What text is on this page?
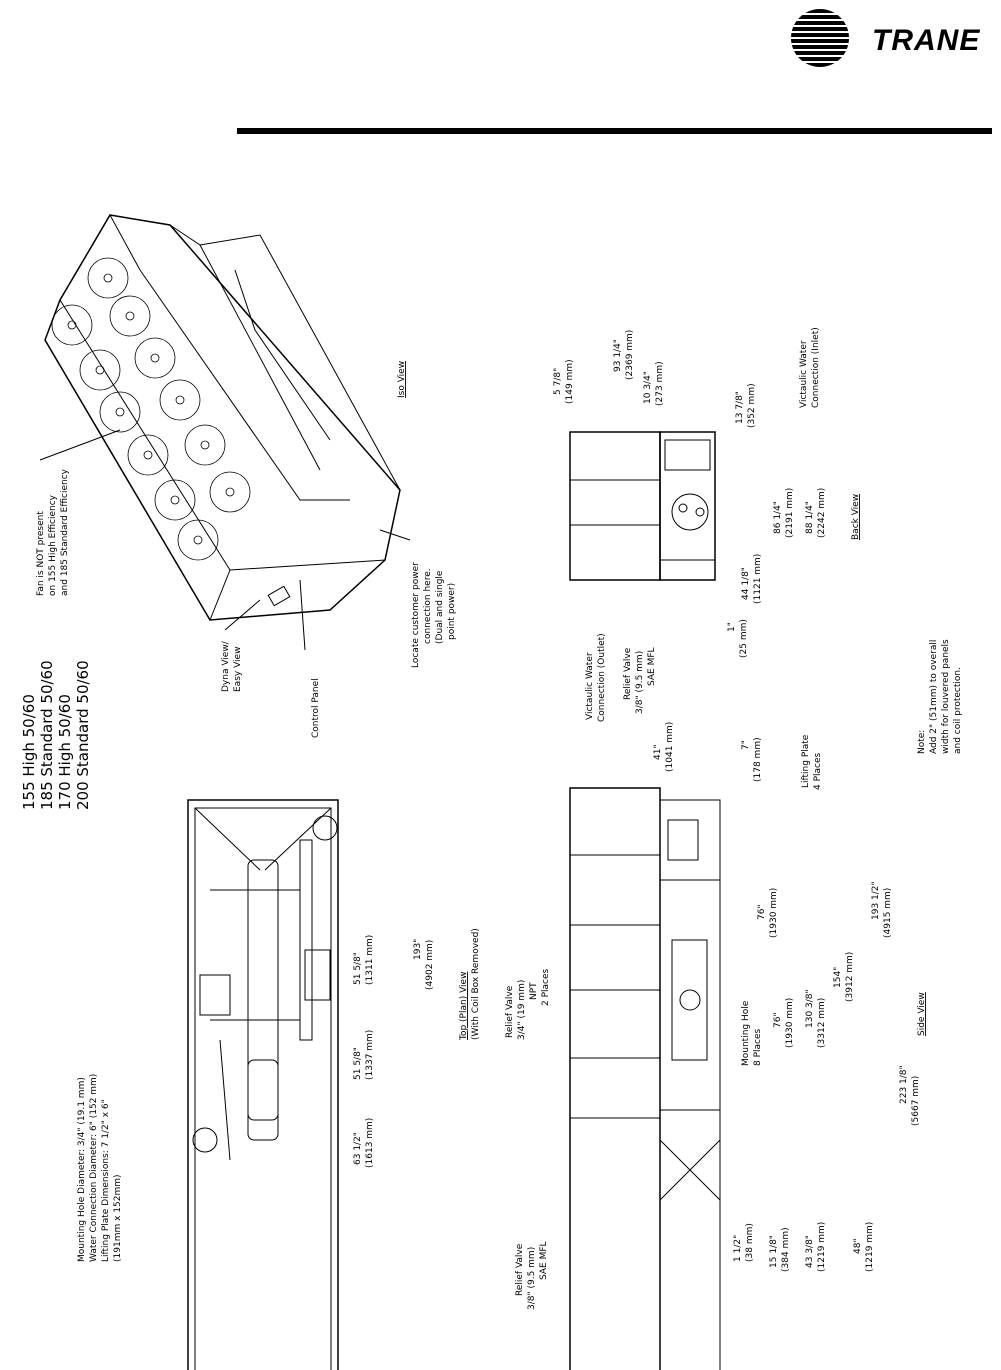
TRANE
155 High 50/60 185 Standard 50/60 170 High 50/60 200 Standard 50/60
Mounting Hole Diameter: 3/4" (19.1 mm) Water Connection Diameter: 6" (152 mm) Lifting Plate Dimensions: 7 1/2" x 6" (191mm x 152mm)
Fan is NOT present on 155 High Efficiency and 185 Standard Efficiency
Dyna View/ Easy View
Control Panel
Locate customer power connection here. (Dual and single point power)
Iso View
Top (Plan) View (With Coil Box Removed)
51 5/8" (1311 mm)
51 5/8" (1337 mm)
193" (4902 mm)
63 1/2" (1613 mm)
Back View
Victaulic Water Connection (Inlet)
Victaulic Water Connection (Outlet) Relief Valve 3/8" (9.5 mm) SAE MFL
5 7/8" (149 mm)
93 1/4" (2369 mm)
10 3/4" (273 mm)
13 7/8" (352 mm)
86 1/4" (2191 mm) 88 1/4" (2242 mm)
44 1/8" (1121 mm)
1" (25 mm)
Side View
Relief Valve 3/4" (19 mm) NPT 2 Places
Relief Valve 3/8" (9.5 mm) SAE MFL
Lifting Plate 4 Places
Mounting Hole 8 Places
41" (1041 mm)	7" (178 mm)
76" (1930 mm)
76" (1930 mm) 130 3/8" (3312 mm)
154" (3912 mm)
193 1/2" (4915 mm)
223 1/8" (5667 mm)
1 1/2" (38 mm) 15 1/8" (384 mm) 43 3/8" (1219 mm)	48" (1219 mm)
Note: Add 2" (51mm) to overall width for louvered panels and coil protection.
